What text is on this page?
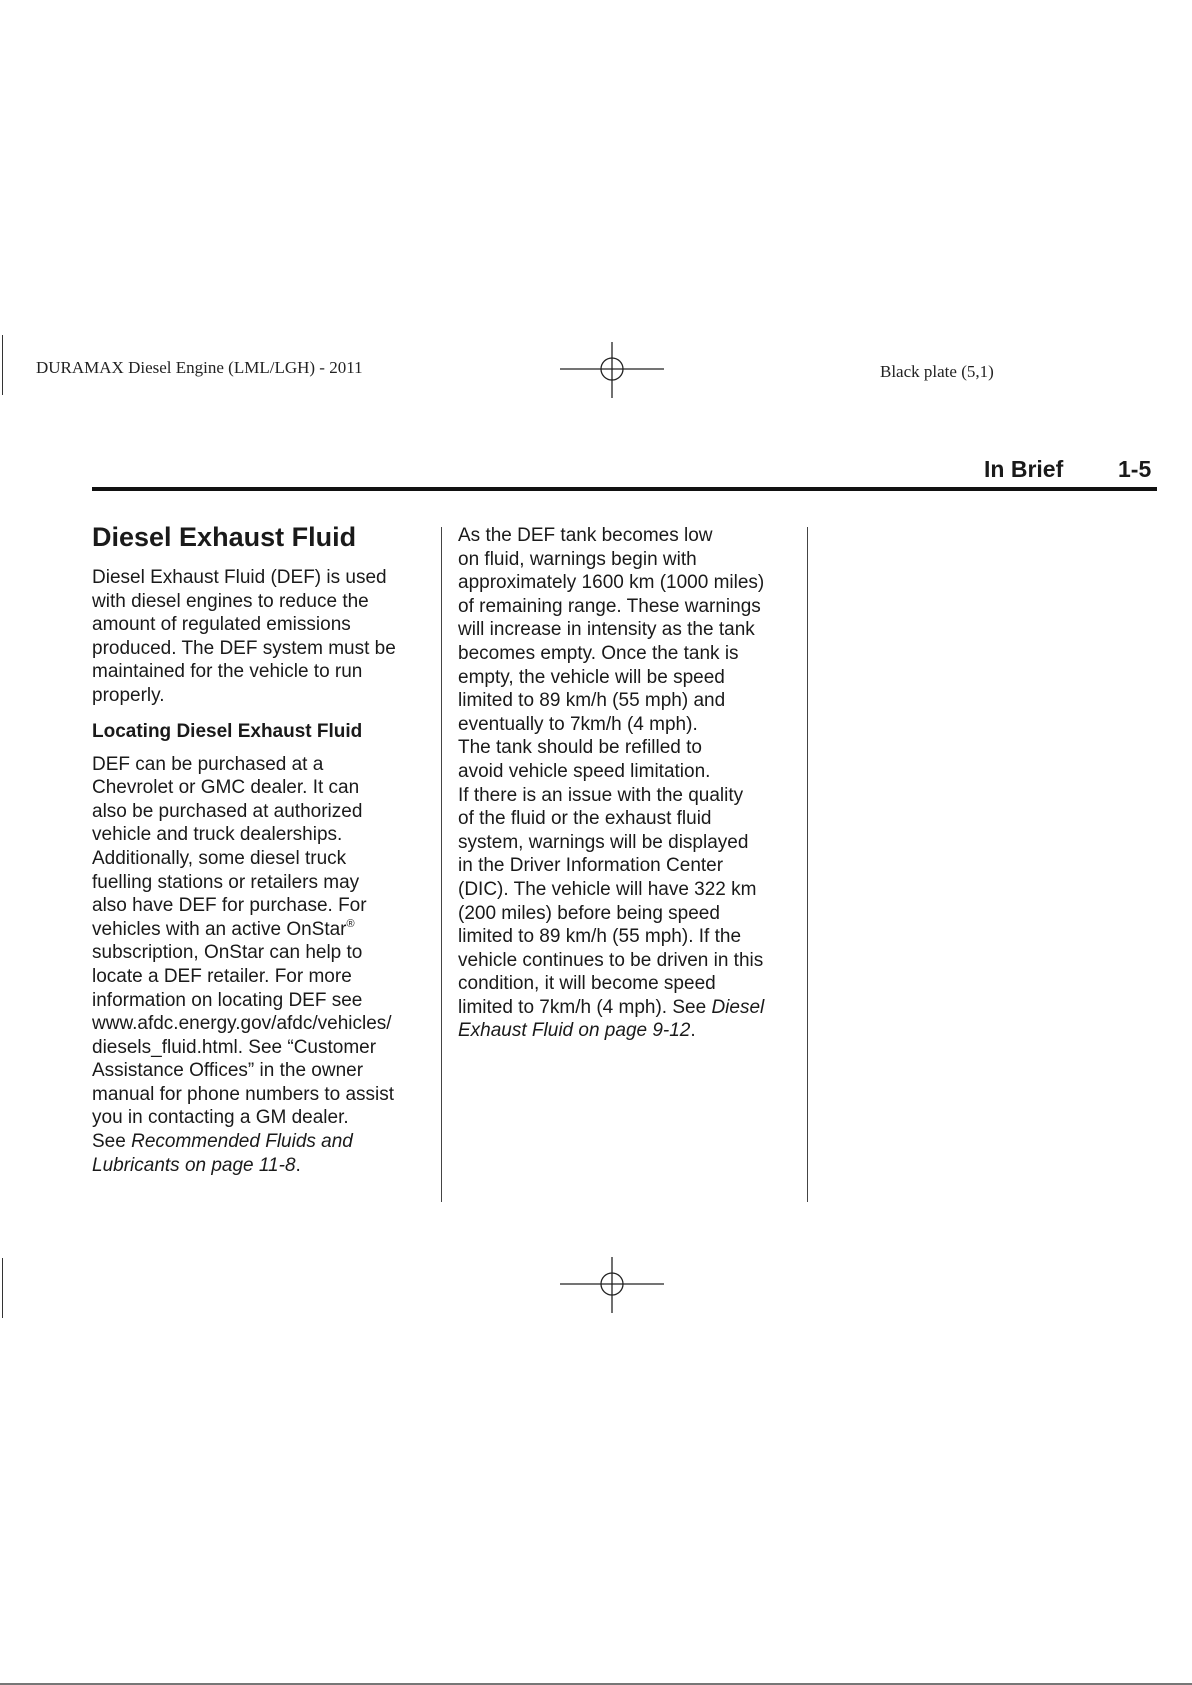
DURAMAX Diesel Engine (LML/LGH) - 2011	Black plate (5,1)
In Brief 1-5
Diesel Exhaust Fluid

Diesel Exhaust Fluid (DEF) is used
with diesel engines to reduce the
amount of regulated emissions
produced. The DEF system must be
maintained for the vehicle to run
properly.

Locating Diesel Exhaust Fluid

DEF can be purchased at a
Chevrolet or GMC dealer. It can
also be purchased at authorized
vehicle and truck dealerships.
Additionally, some diesel truck
fuelling stations or retailers may
also have DEF for purchase. For
vehicles with an active OnStar®
subscription, OnStar can help to
locate a DEF retailer. For more
information on locating DEF see
www.afdc.energy.gov/afdc/vehicles/
diesels_fluid.html. See “Customer
Assistance Offices” in the owner
manual for phone numbers to assist
you in contacting a GM dealer.
See Recommended Fluids and
Lubricants on page 11-8.

As the DEF tank becomes low
on fluid, warnings begin with
approximately 1600 km (1000 miles)
of remaining range. These warnings
will increase in intensity as the tank
becomes empty. Once the tank is
empty, the vehicle will be speed
limited to 89 km/h (55 mph) and
eventually to 7km/h (4 mph).

The tank should be refilled to
avoid vehicle speed limitation.

If there is an issue with the quality
of the fluid or the exhaust fluid
system, warnings will be displayed
in the Driver Information Center
(DIC). The vehicle will have 322 km
(200 miles) before being speed
limited to 89 km/h (55 mph). If the
vehicle continues to be driven in this
condition, it will become speed
limited to 7km/h (4 mph). See Diesel
Exhaust Fluid on page 9-12.
